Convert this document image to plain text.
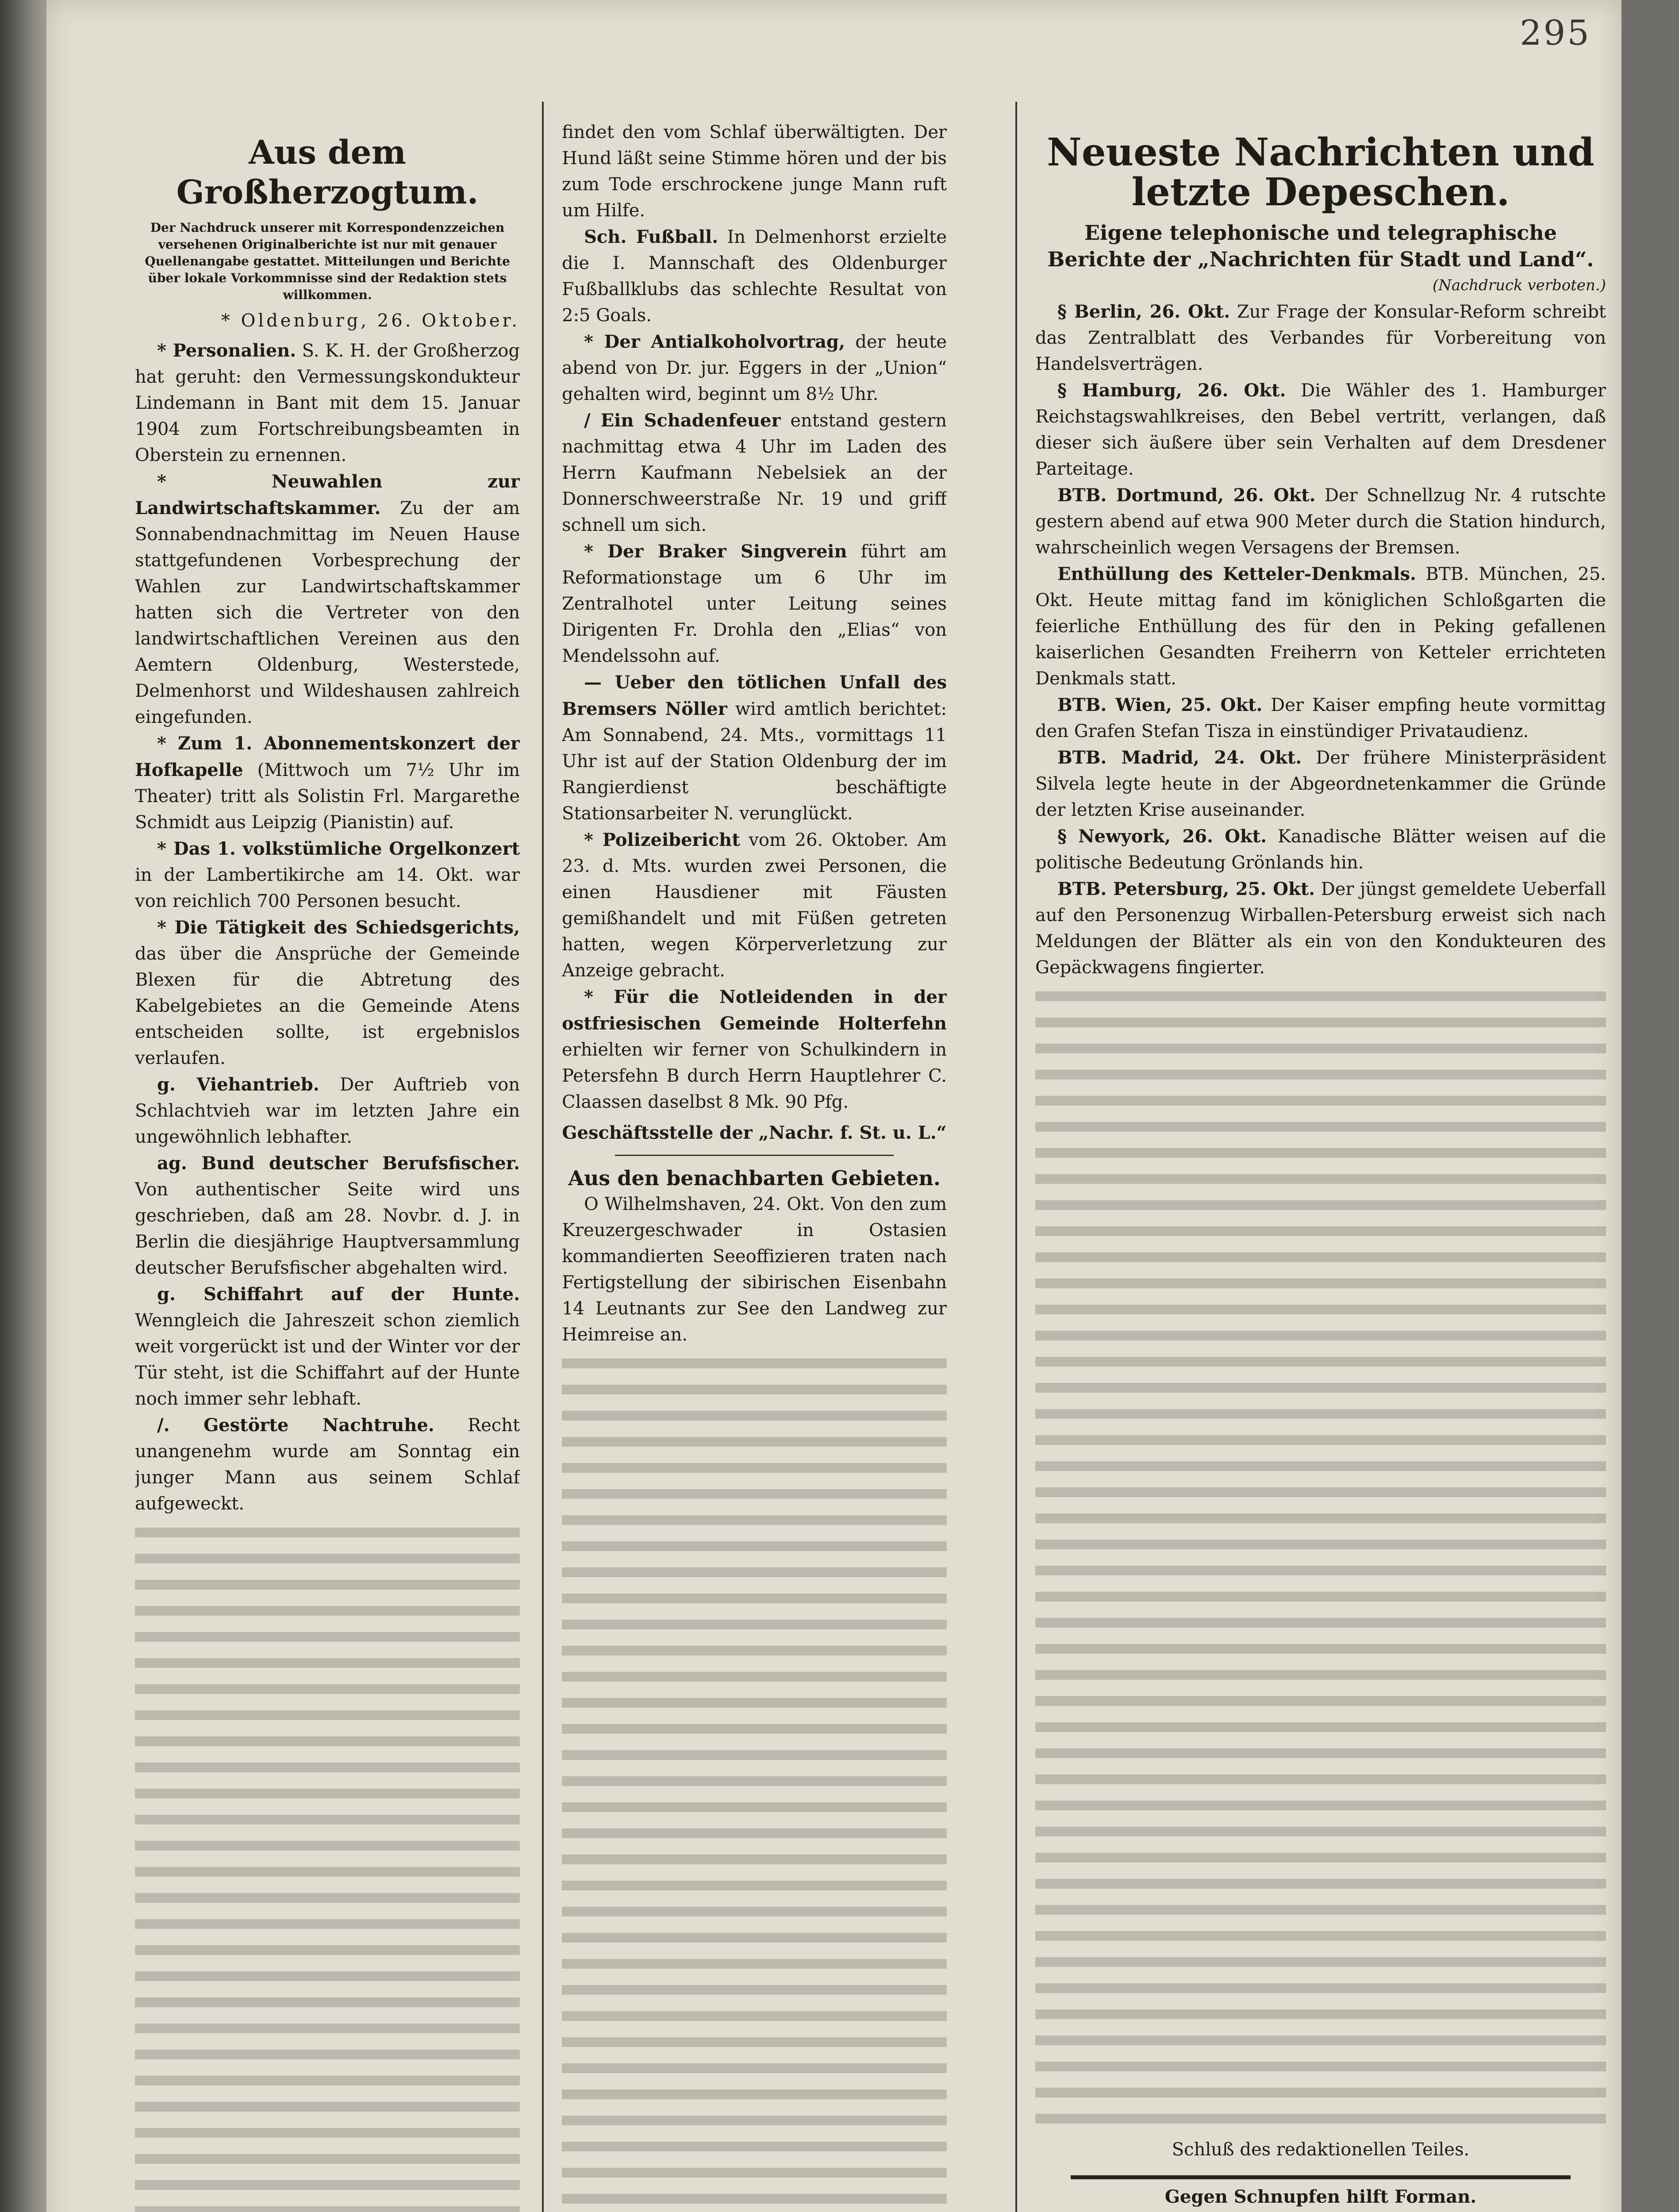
295
Aus dem Großherzogtum.
Der Nachdruck unserer mit Korrespondenzzeichen versehenen Originalberichte ist nur mit genauer Quellenangabe gestattet. Mitteilungen und Berichte über lokale Vorkommnisse sind der Redaktion stets willkommen.
* Oldenburg, 26. Oktober.

* Personalien. S. K. H. der Großherzog hat geruht: den Vermessungskondukteur Lindemann in Bant mit dem 15. Januar 1904 zum Fortschreibungsbeamten in Oberstein zu ernennen.

* Neuwahlen zur Landwirtschaftskammer. Zu der am Sonnabendnachmittag im Neuen Hause stattgefundenen Vorbesprechung der Wahlen zur Landwirtschaftskammer hatten sich die Vertreter von den landwirtschaftlichen Vereinen aus den Aemtern Oldenburg, Westerstede, Delmenhorst und Wildeshausen zahlreich eingefunden.

* Zum 1. Abonnementskonzert der Hofkapelle (Mittwoch um 7½ Uhr im Theater) tritt als Solistin Frl. Margarethe Schmidt aus Leipzig (Pianistin) auf.

* Das 1. volkstümliche Orgelkonzert in der Lambertikirche am 14. Okt. war von reichlich 700 Personen besucht.

* Die Tätigkeit des Schiedsgerichts, das über die Ansprüche der Gemeinde Blexen für die Abtretung des Kabelgebietes an die Gemeinde Atens entscheiden sollte, ist ergebnislos verlaufen.

g. Viehantrieb. Der Auftrieb von Schlachtvieh war im letzten Jahre ein ungewöhnlich lebhafter.

ag. Bund deutscher Berufsfischer. Von authentischer Seite wird uns geschrieben, daß am 28. Novbr. d. J. in Berlin die diesjährige Hauptversammlung deutscher Berufsfischer abgehalten wird.

g. Schiffahrt auf der Hunte. Wenngleich die Jahreszeit schon ziemlich weit vorgerückt ist und der Winter vor der Tür steht, ist die Schiffahrt auf der Hunte noch immer sehr lebhaft.

/. Gestörte Nachtruhe. Recht unangenehm wurde am Sonntag ein junger Mann aus seinem Schlaf aufgeweckt.

findet den vom Schlaf überwältigten. Der Hund läßt seine Stimme hören und der bis zum Tode erschrockene junge Mann ruft um Hilfe.

Sch. Fußball. In Delmenhorst erzielte die I. Mannschaft des Oldenburger Fußballklubs das schlechte Resultat von 2:5 Goals.

* Der Antialkoholvortrag, der heute abend von Dr. jur. Eggers in der „Union“ gehalten wird, beginnt um 8½ Uhr.

/ Ein Schadenfeuer entstand gestern nachmittag etwa 4 Uhr im Laden des Herrn Kaufmann Nebelsiek an der Donnerschweerstraße Nr. 19 und griff schnell um sich.

* Der Braker Singverein führt am Reformationstage um 6 Uhr im Zentralhotel unter Leitung seines Dirigenten Fr. Drohla den „Elias“ von Mendelssohn auf.

— Ueber den tötlichen Unfall des Bremsers Nöller wird amtlich berichtet: Am Sonnabend, 24. Mts., vormittags 11 Uhr ist auf der Station Oldenburg der im Rangierdienst beschäftigte Stationsarbeiter N. verunglückt.

* Polizeibericht vom 26. Oktober. Am 23. d. Mts. wurden zwei Personen, die einen Hausdiener mit Fäusten gemißhandelt und mit Füßen getreten hatten, wegen Körperverletzung zur Anzeige gebracht.

* Für die Notleidenden in der ostfriesischen Gemeinde Holterfehn erhielten wir ferner von Schulkindern in Petersfehn B durch Herrn Hauptlehrer C. Claassen daselbst 8 Mk. 90 Pfg.

Geschäftsstelle der „Nachr. f. St. u. L.“
Aus den benachbarten Gebieten.

O Wilhelmshaven, 24. Okt. Von den zum Kreuzergeschwader in Ostasien kommandierten Seeoffizieren traten nach Fertigstellung der sibirischen Eisenbahn 14 Leutnants zur See den Landweg zur Heimreise an.

Neueste Nachrichten und letzte Depeschen.
Eigene telephonische und telegraphische Berichte der „Nachrichten für Stadt und Land“.
(Nachdruck verboten.)

§ Berlin, 26. Okt. Zur Frage der Konsular-Reform schreibt das Zentralblatt des Verbandes für Vorbereitung von Handelsverträgen.

§ Hamburg, 26. Okt. Die Wähler des 1. Hamburger Reichstagswahlkreises, den Bebel vertritt, verlangen, daß dieser sich äußere über sein Verhalten auf dem Dresdener Parteitage.

BTB. Dortmund, 26. Okt. Der Schnellzug Nr. 4 rutschte gestern abend auf etwa 900 Meter durch die Station hindurch, wahrscheinlich wegen Versagens der Bremsen.

Enthüllung des Ketteler-Denkmals. BTB. München, 25. Okt. Heute mittag fand im königlichen Schloßgarten die feierliche Enthüllung des für den in Peking gefallenen kaiserlichen Gesandten Freiherrn von Ketteler errichteten Denkmals statt.

BTB. Wien, 25. Okt. Der Kaiser empfing heute vormittag den Grafen Stefan Tisza in einstündiger Privataudienz.

BTB. Madrid, 24. Okt. Der frühere Ministerpräsident Silvela legte heute in der Abgeordnetenkammer die Gründe der letzten Krise auseinander.

§ Newyork, 26. Okt. Kanadische Blätter weisen auf die politische Bedeutung Grönlands hin.

BTB. Petersburg, 25. Okt. Der jüngst gemeldete Ueberfall auf den Personenzug Wirballen-Petersburg erweist sich nach Meldungen der Blätter als ein von den Kondukteuren des Gepäckwagens fingierter.

Schluß des redaktionellen Teiles.
Gegen Schnupfen hilft Forman.
